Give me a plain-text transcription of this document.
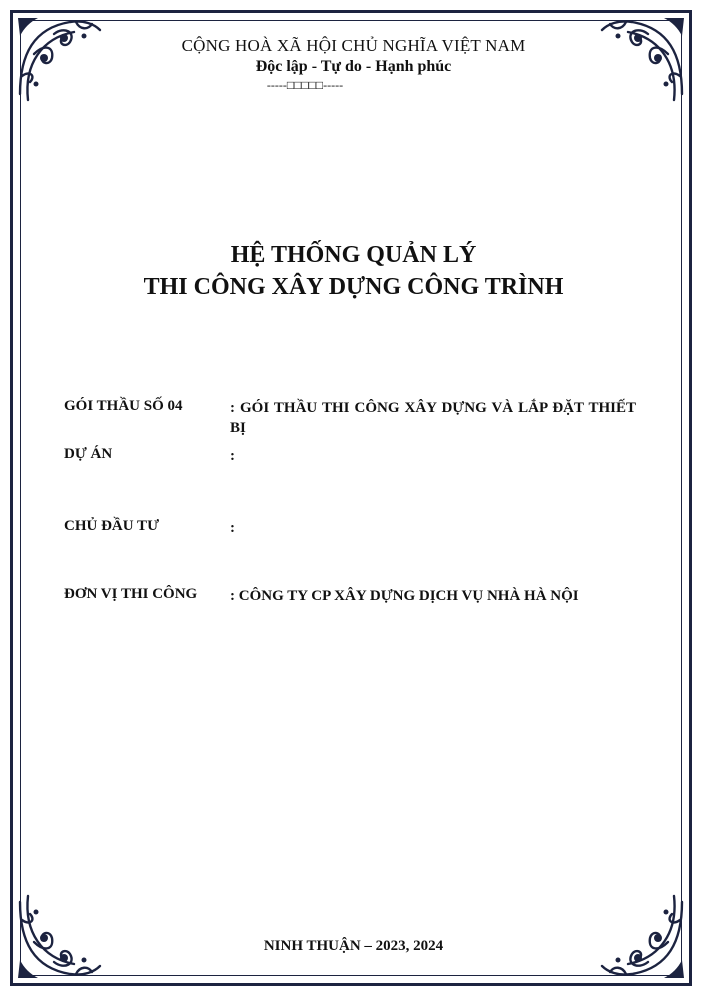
CỘNG HOÀ XÃ HỘI CHỦ NGHĨA VIỆT NAM
Độc lập - Tự do - Hạnh phúc
-----□□□□□-----
HỆ THỐNG QUẢN LÝ
THI CÔNG XÂY DỰNG CÔNG TRÌNH
GÓI THẦU SỐ 04	: GÓI THẦU THI CÔNG XÂY DỰNG VÀ LẮP ĐẶT THIẾT BỊ
DỰ ÁN	:
CHỦ ĐẦU TƯ	:
ĐƠN VỊ THI CÔNG	: CÔNG TY CP XÂY DỰNG DỊCH VỤ NHÀ HÀ NỘI
NINH THUẬN – 2023, 2024
